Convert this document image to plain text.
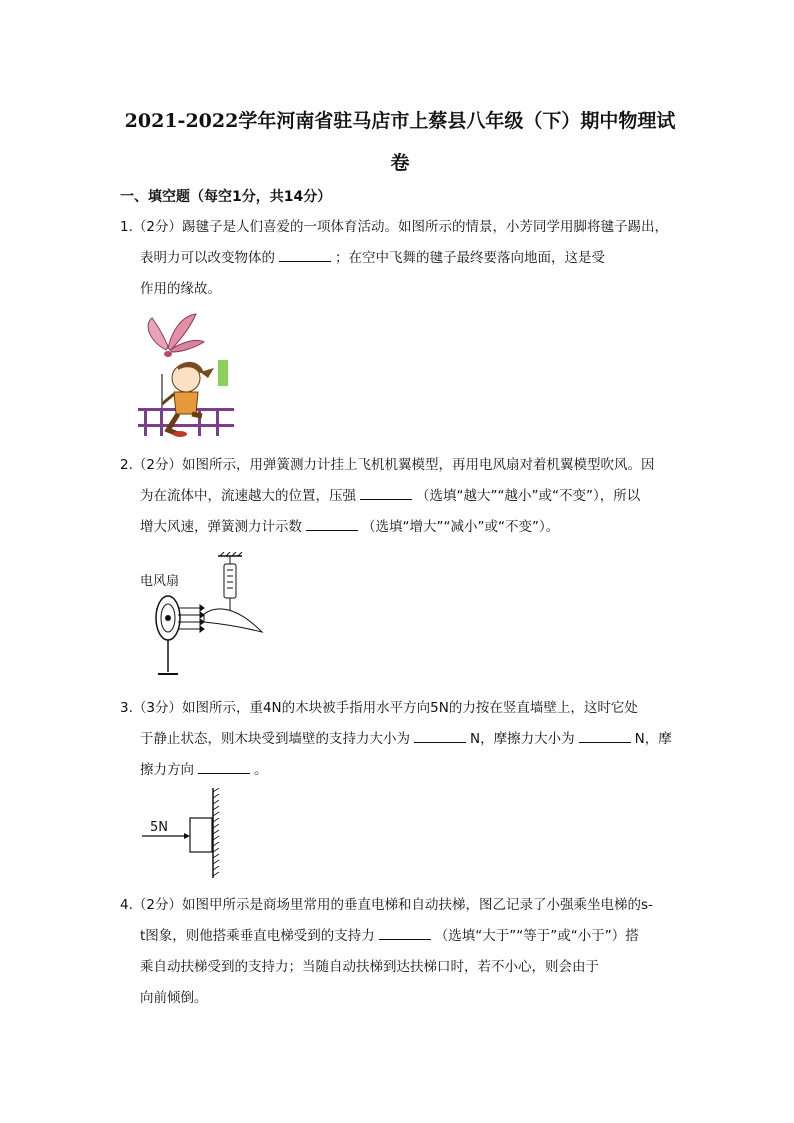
2021-2022学年河南省驻马店市上蔡县八年级（下）期中物理试
卷
一、填空题（每空1分，共14分）
1.（2分）踢毽子是人们喜爱的一项体育活动。如图所示的情景，小芳同学用脚将毽子踢出，
表明力可以改变物体的	；在空中飞舞的毽子最终要落向地面，这是受
作用的缘故。
2.（2分）如图所示，用弹簧测力计挂上飞机机翼模型，再用电风扇对着机翼模型吹风。因
为在流体中，流速越大的位置，压强	（选填“越大”“越小”或“不变”），所以
增大风速，弹簧测力计示数	（选填“增大”“减小”或“不变”）。
电风扇
3.（3分）如图所示，重4N的木块被手指用水平方向5N的力按在竖直墙壁上，这时它处
于静止状态，则木块受到墙壁的支持力大小为	N，摩擦力大小为	N，摩
擦力方向	。
5N
4.（2分）如图甲所示是商场里常用的垂直电梯和自动扶梯，图乙记录了小强乘坐电梯的s-
t图象，则他搭乘垂直电梯受到的支持力	（选填“大于”“等于”或“小于”）搭
乘自动扶梯受到的支持力；当随自动扶梯到达扶梯口时，若不小心，则会由于
向前倾倒。
